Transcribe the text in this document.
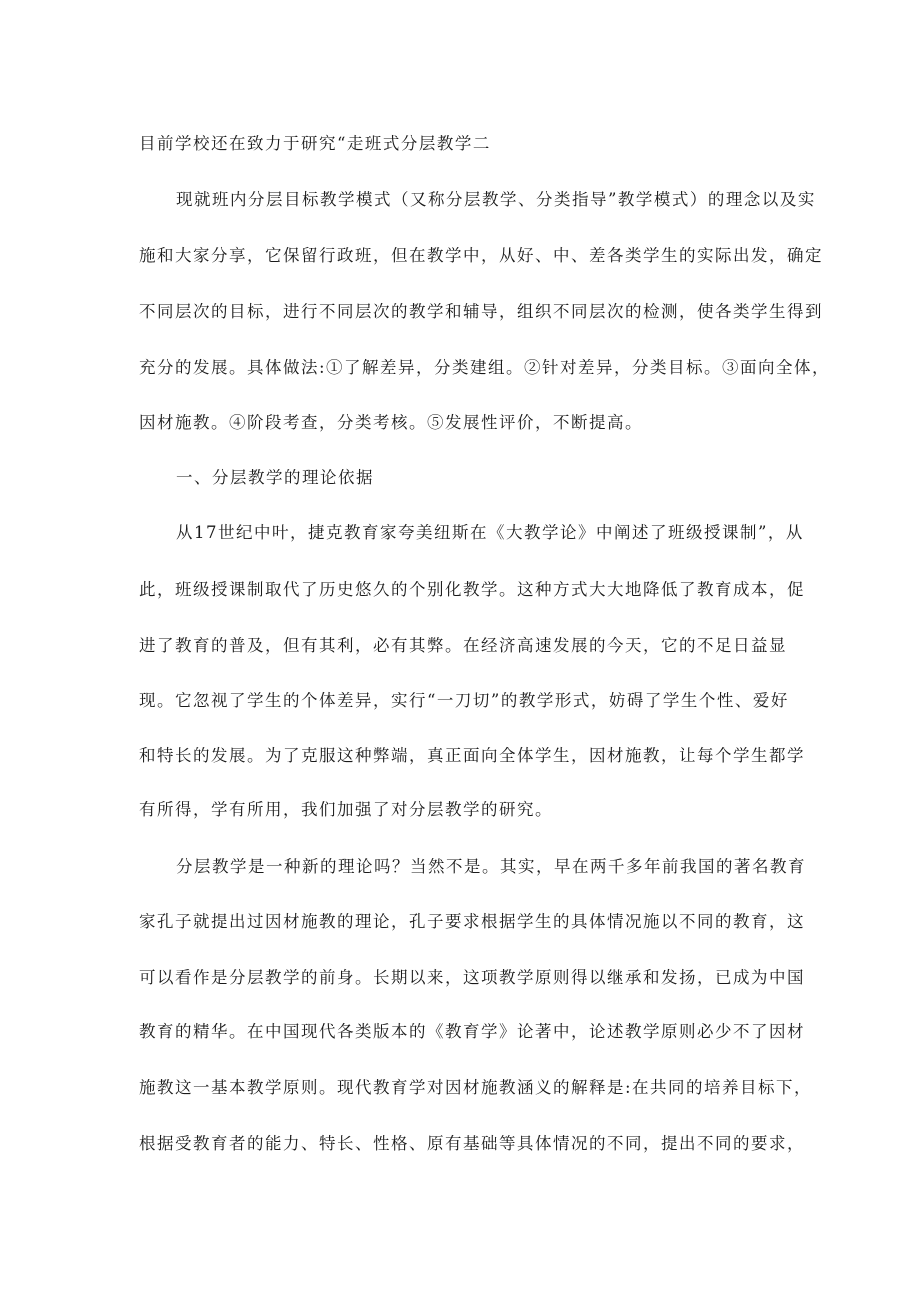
目前学校还在致力于研究“走班式分层教学二

现就班内分层目标教学模式（又称分层教学、分类指导”教学模式）的理念以及实

施和大家分享，它保留行政班，但在教学中，从好、中、差各类学生的实际出发，确定

不同层次的目标，进行不同层次的教学和辅导，组织不同层次的检测，使各类学生得到

充分的发展。具体做法:①了解差异，分类建组。②针对差异，分类目标。③面向全体，

因材施教。④阶段考查，分类考核。⑤发展性评价，不断提高。

一、分层教学的理论依据

从17世纪中叶，捷克教育家夸美纽斯在《大教学论》中阐述了班级授课制”，从

此，班级授课制取代了历史悠久的个别化教学。这种方式大大地降低了教育成本，促

进了教育的普及，但有其利，必有其弊。在经济高速发展的今天，它的不足日益显

现。它忽视了学生的个体差异，实行“一刀切”的教学形式，妨碍了学生个性、爱好

和特长的发展。为了克服这种弊端，真正面向全体学生，因材施教，让每个学生都学

有所得，学有所用，我们加强了对分层教学的研究。

分层教学是一种新的理论吗？当然不是。其实，早在两千多年前我国的著名教育

家孔子就提出过因材施教的理论，孔子要求根据学生的具体情况施以不同的教育，这

可以看作是分层教学的前身。长期以来，这项教学原则得以继承和发扬，已成为中国

教育的精华。在中国现代各类版本的《教育学》论著中，论述教学原则必少不了因材

施教这一基本教学原则。现代教育学对因材施教涵义的解释是:在共同的培养目标下，

根据受教育者的能力、特长、性格、原有基础等具体情况的不同，提出不同的要求，
